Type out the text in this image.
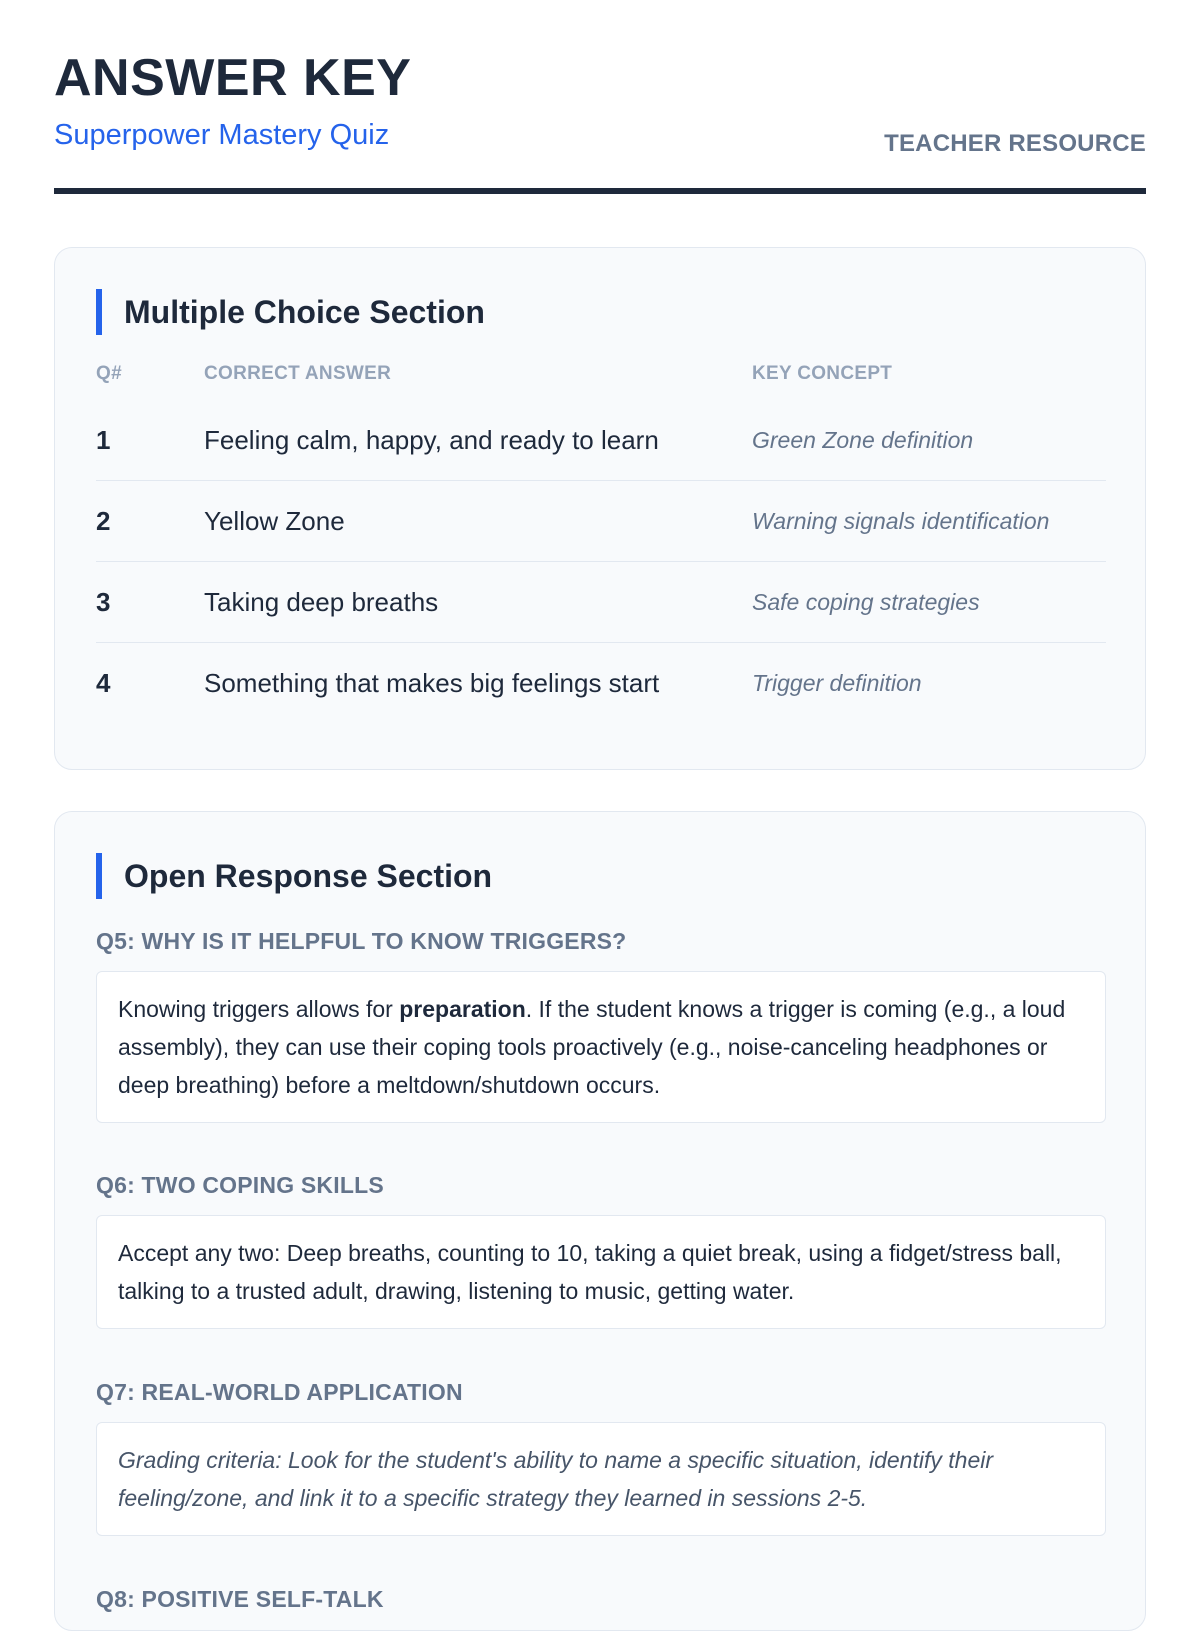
ANSWER KEY
Superpower Mastery Quiz	TEACHER RESOURCE
Multiple Choice Section
Q#	CORRECT ANSWER	KEY CONCEPT
1	Feeling calm, happy, and ready to learn	Green Zone definition
2	Yellow Zone	Warning signals identification
3	Taking deep breaths	Safe coping strategies
4	Something that makes big feelings start	Trigger definition
Open Response Section
Q5: WHY IS IT HELPFUL TO KNOW TRIGGERS?
Knowing triggers allows for preparation. If the student knows a trigger is coming (e.g., a loud assembly), they can use their coping tools proactively (e.g., noise-canceling headphones or deep breathing) before a meltdown/shutdown occurs.
Q6: TWO COPING SKILLS
Accept any two: Deep breaths, counting to 10, taking a quiet break, using a fidget/stress ball, talking to a trusted adult, drawing, listening to music, getting water.
Q7: REAL-WORLD APPLICATION
Grading criteria: Look for the student's ability to name a specific situation, identify their feeling/zone, and link it to a specific strategy they learned in sessions 2-5.
Q8: POSITIVE SELF-TALK
